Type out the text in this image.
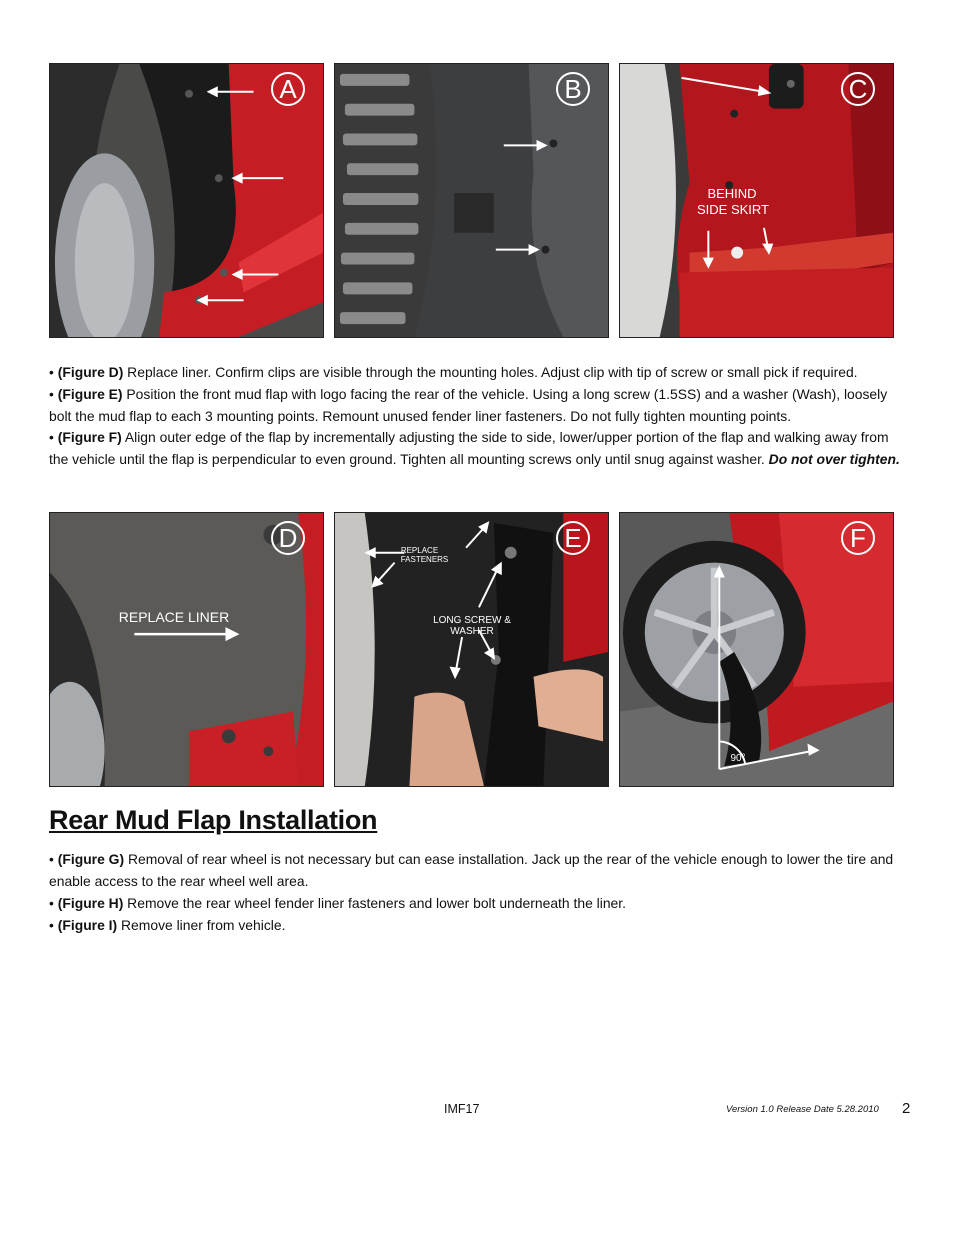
A	B	C
BEHIND
SIDE SKIRT

• (Figure D) Replace liner. Confirm clips are visible through the mounting holes. Adjust clip with tip of screw or small pick if required.

• (Figure E) Position the front mud flap with logo facing the rear of the vehicle. Using a long screw (1.5SS) and a washer (Wash), loosely bolt the mud flap to each 3 mounting points. Remount unused fender liner fasteners. Do not fully tighten mounting points.

• (Figure F) Align outer edge of the flap by incrementally adjusting the side to side, lower/upper portion of the flap and walking away from the vehicle until the flap is perpendicular to even ground. Tighten all mounting screws only until snug against washer. Do not over tighten.

D
REPLACE LINER
E
REPLACE
FASTENERS
LONG SCREW &
WASHER
F
90°
Rear Mud Flap Installation

• (Figure G) Removal of rear wheel is not necessary but can ease installation. Jack up the rear of the vehicle enough to lower the tire and enable access to the rear wheel well area.

• (Figure H) Remove the rear wheel fender liner fasteners and lower bolt underneath the liner.

• (Figure I) Remove liner from vehicle.

IMF17	Version 1.0 Release Date 5.28.2010 2
